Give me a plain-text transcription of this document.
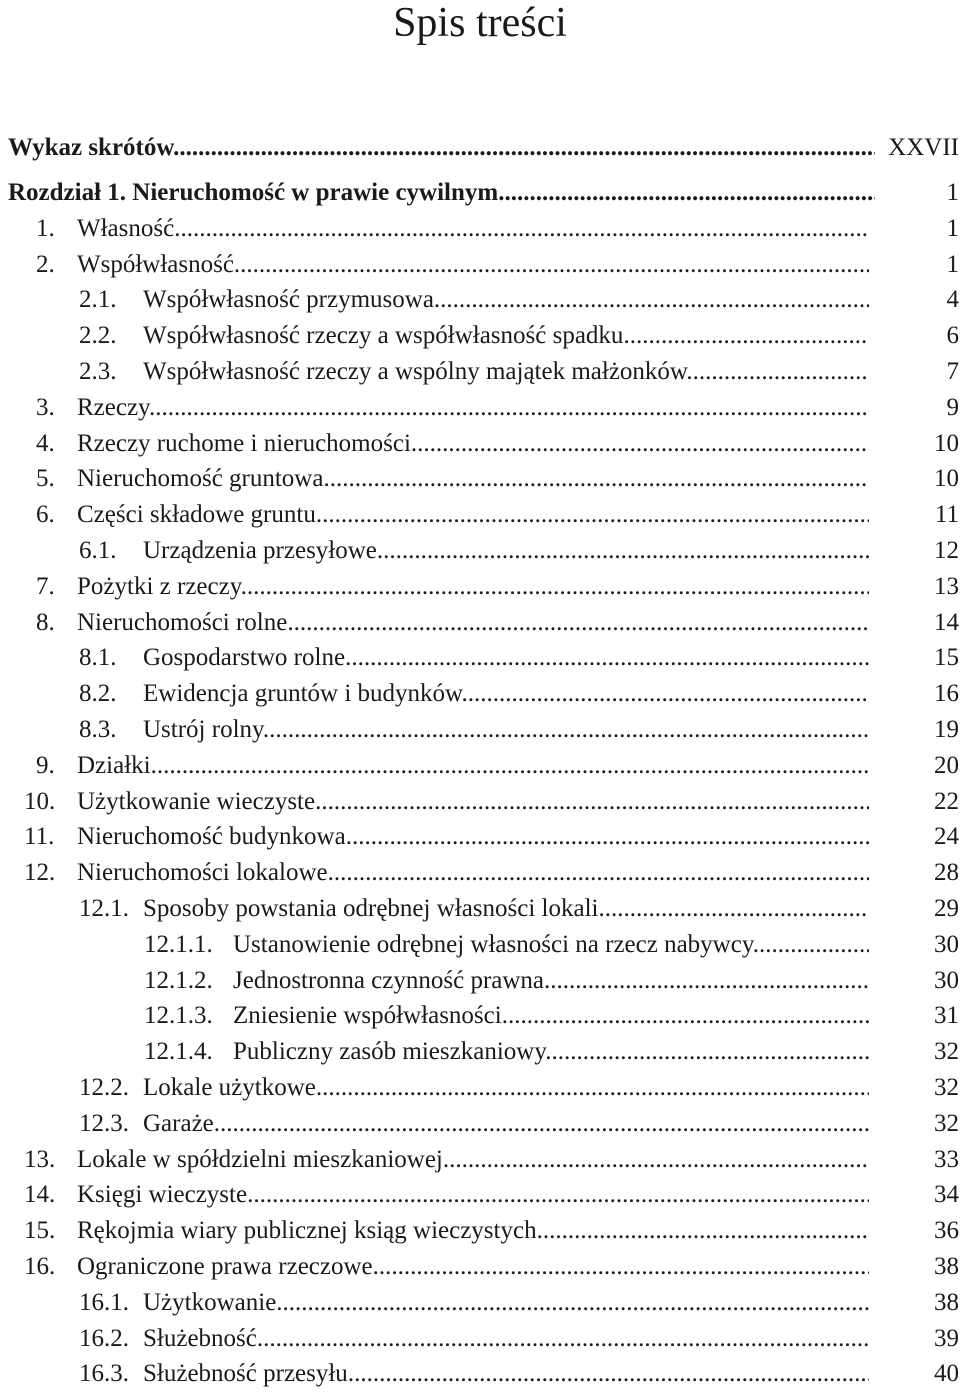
Spis treści
Wykaz skrótów .....	XXVII
Rozdział 1. Nieruchomość w prawie cywilnym .....	1
1. Własność .....	1
2. Współwłasność .....	1
2.1. Współwłasność przymusowa .....	4
2.2. Współwłasność rzeczy a współwłasność spadku .....	6
2.3. Współwłasność rzeczy a wspólny majątek małżonków .....	7
3. Rzeczy .....	9
4. Rzeczy ruchome i nieruchomości .....	10
5. Nieruchomość gruntowa .....	10
6. Części składowe gruntu .....	11
6.1. Urządzenia przesyłowe .....	12
7. Pożytki z rzeczy .....	13
8. Nieruchomości rolne .....	14
8.1. Gospodarstwo rolne .....	15
8.2. Ewidencja gruntów i budynków .....	16
8.3. Ustrój rolny .....	19
9. Działki .....	20
10. Użytkowanie wieczyste .....	22
11. Nieruchomość budynkowa .....	24
12. Nieruchomości lokalowe .....	28
12.1. Sposoby powstania odrębnej własności lokali .....	29
12.1.1. Ustanowienie odrębnej własności na rzecz nabywcy .....	30
12.1.2. Jednostronna czynność prawna .....	30
12.1.3. Zniesienie współwłasności .....	31
12.1.4. Publiczny zasób mieszkaniowy .....	32
12.2. Lokale użytkowe .....	32
12.3. Garaże .....	32
13. Lokale w spółdzielni mieszkaniowej .....	33
14. Księgi wieczyste .....	34
15. Rękojmia wiary publicznej ksiąg wieczystych .....	36
16. Ograniczone prawa rzeczowe .....	38
16.1. Użytkowanie .....	38
16.2. Służebność .....	39
16.3. Służebność przesyłu .....	40
